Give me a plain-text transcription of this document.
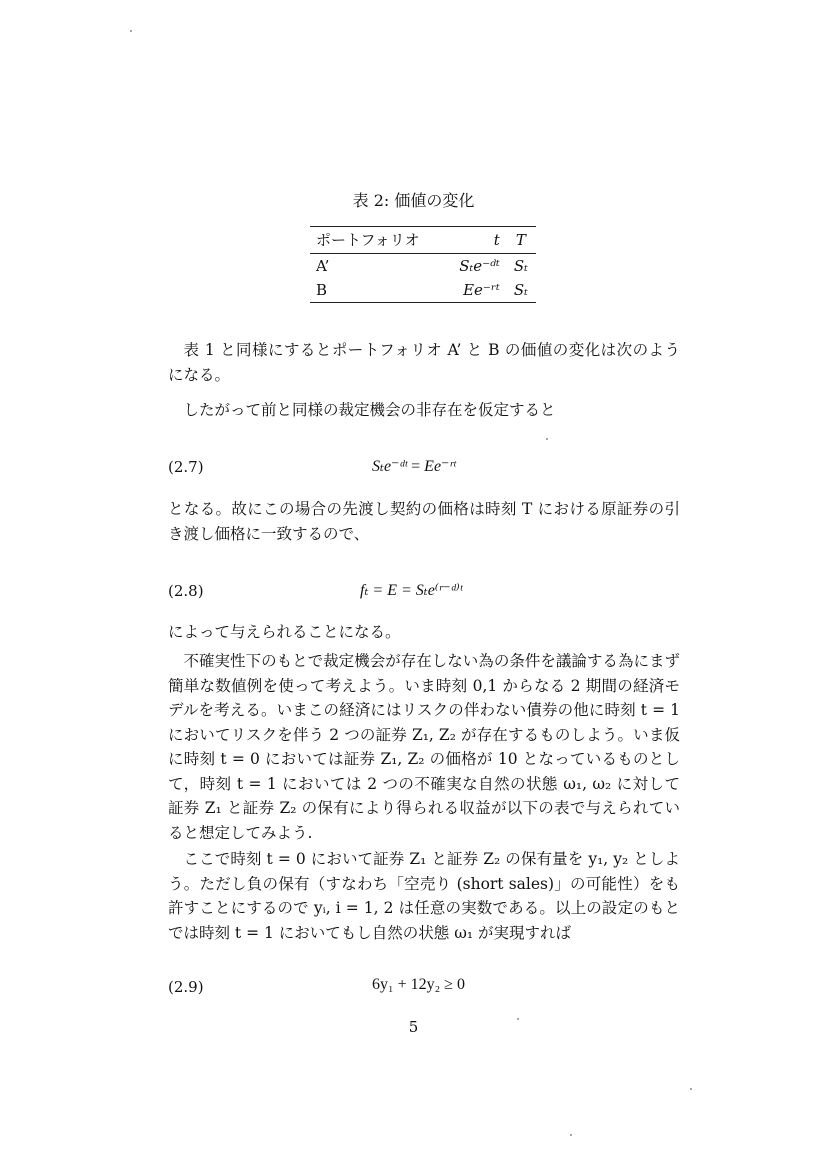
表 2: 価値の変化
ポートフォリオ	t	T
A’	Sₜe⁻ᵈᵗ	Sₜ
B	Ee⁻ʳᵗ	Sₜ
表 1 と同様にするとポートフォリオ A’ と B の価値の変化は次のようになる。
したがって前と同様の裁定機会の非存在を仮定すると
(2.7)	Sₜe⁻ᵈᵗ = Ee⁻ʳᵗ
となる。故にこの場合の先渡し契約の価格は時刻 T における原証券の引き渡し価格に一致するので、
(2.8)	fₜ = E = Sₜe⁽ʳ⁻ᵈ⁾ᵗ
によって与えられることになる。
不確実性下のもとで裁定機会が存在しない為の条件を議論する為にまず簡単な数値例を使って考えよう。いま時刻 0,1 からなる 2 期間の経済モデルを考える。いまこの経済にはリスクの伴わない債券の他に時刻 t = 1 においてリスクを伴う 2 つの証券 Z₁, Z₂ が存在するものしよう。いま仮に時刻 t = 0 においては証券 Z₁, Z₂ の価格が 10 となっているものとして，時刻 t = 1 においては 2 つの不確実な自然の状態 ω₁, ω₂ に対して証券 Z₁ と証券 Z₂ の保有により得られる収益が以下の表で与えられていると想定してみよう.
ここで時刻 t = 0 において証券 Z₁ と証券 Z₂ の保有量を y₁, y₂ としよう。ただし負の保有（すなわち「空売り (short sales)」の可能性）をも許すことにするので yᵢ, i = 1, 2 は任意の実数である。以上の設定のもとでは時刻 t = 1 においてもし自然の状態 ω₁ が実現すれば
(2.9)	6y₁ + 12y₂ ≥ 0
5
